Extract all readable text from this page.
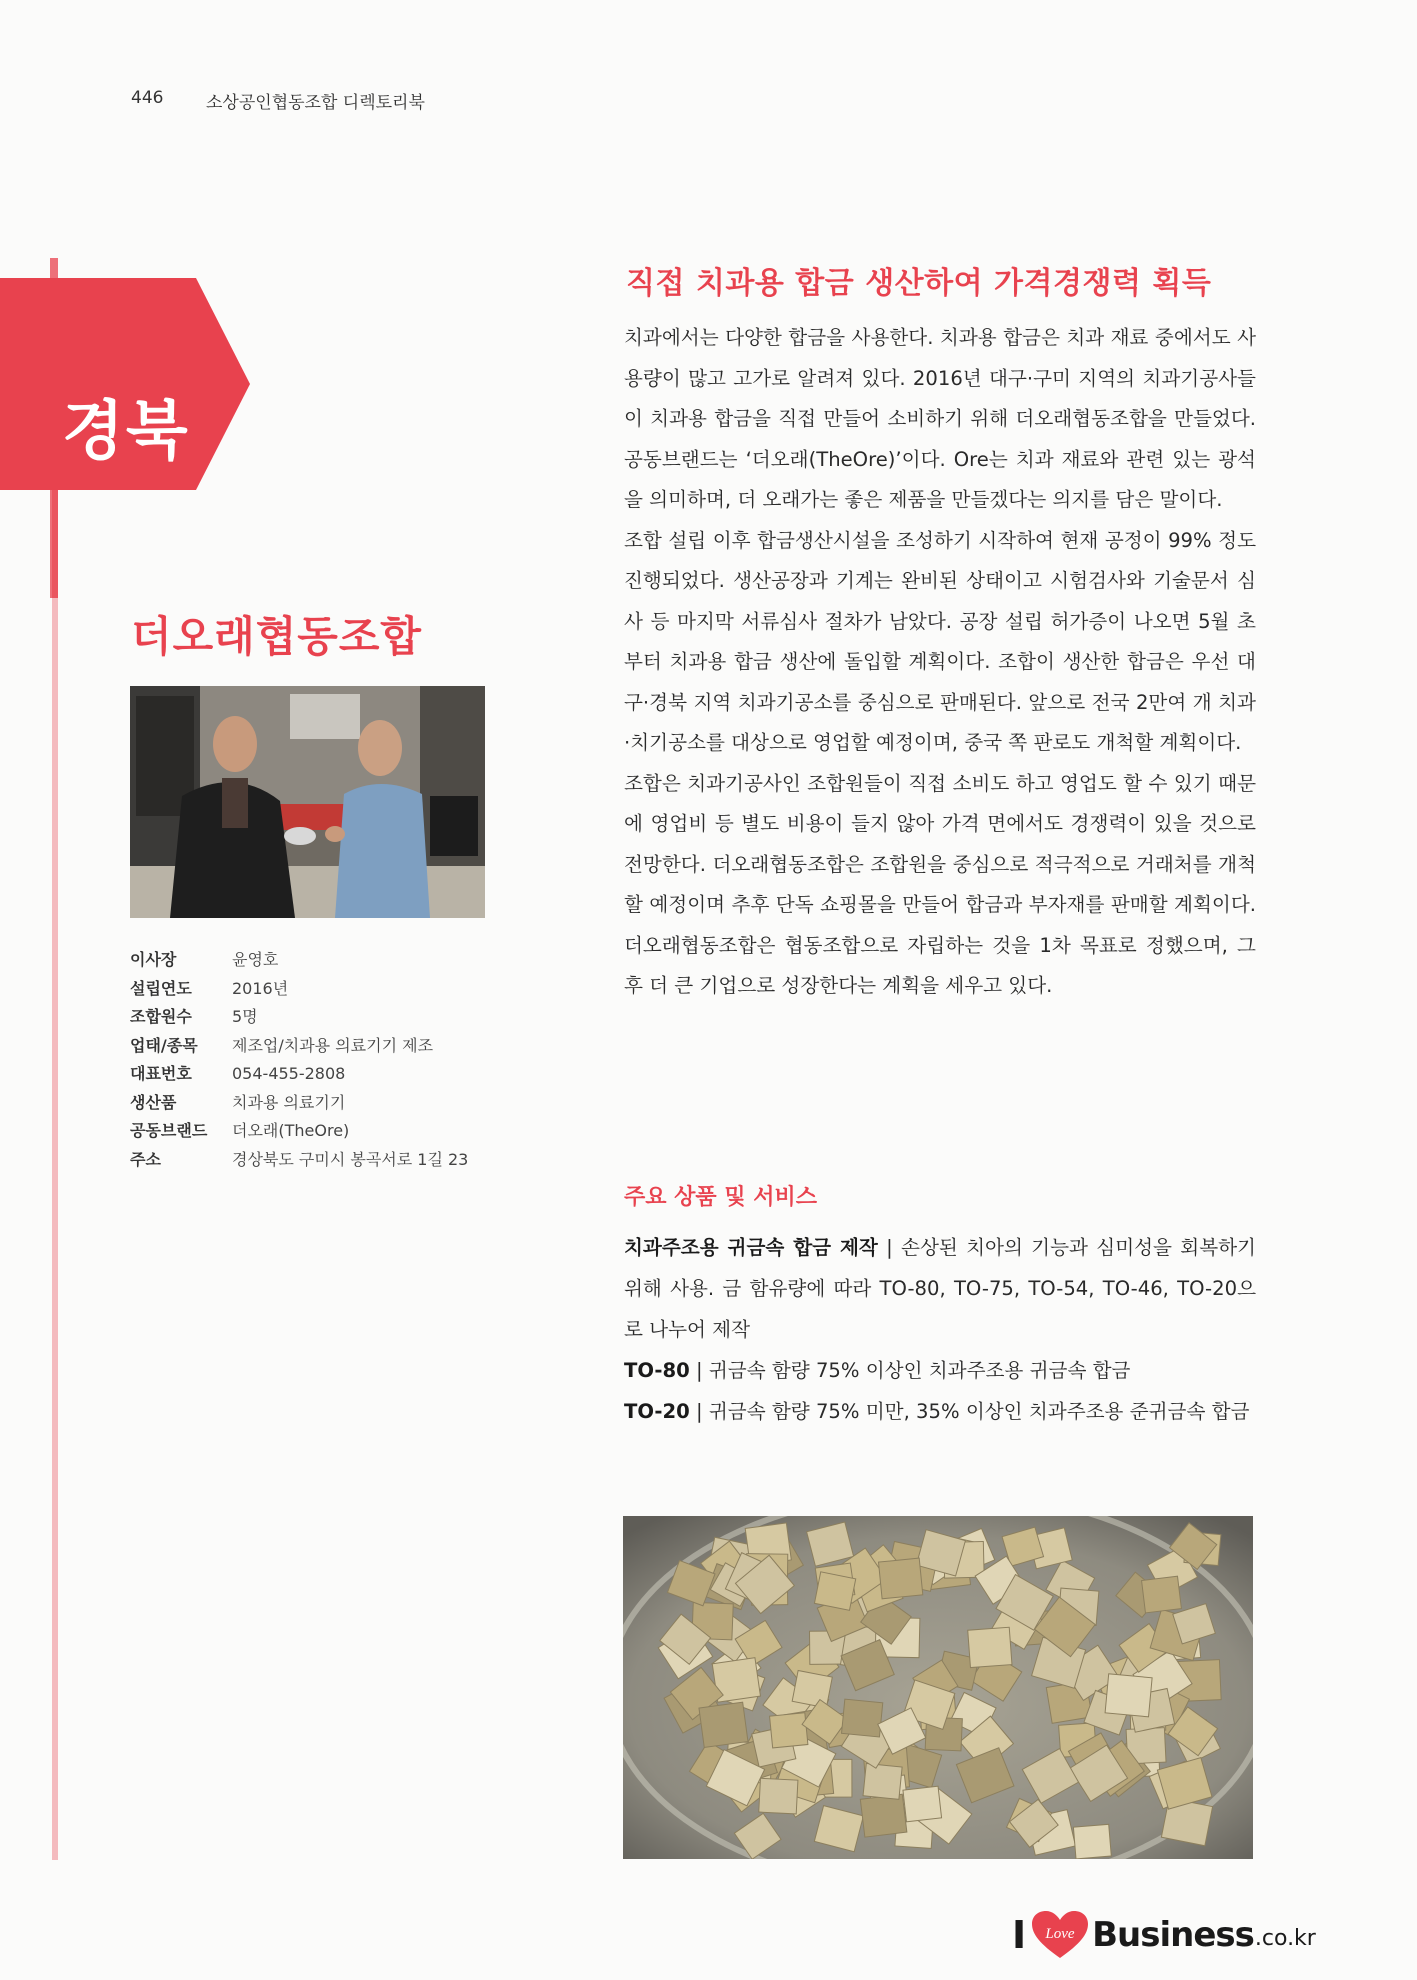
446	소상공인협동조합 디렉토리북
경북
더오래협동조합
이사장	윤영호
설립연도	2016년
조합원수	5명
업태/종목	제조업/치과용 의료기기 제조
대표번호	054-455-2808
생산품	치과용 의료기기
공동브랜드	더오래(TheOre)
주소	경상북도 구미시 봉곡서로 1길 23
직접 치과용 합금 생산하여 가격경쟁력 획득

치과에서는 다양한 합금을 사용한다. 치과용 합금은 치과 재료 중에서도 사용량이 많고 고가로 알려져 있다. 2016년 대구·구미 지역의 치과기공사들이 치과용 합금을 직접 만들어 소비하기 위해 더오래협동조합을 만들었다. 공동브랜드는 ‘더오래(TheOre)’이다. Ore는 치과 재료와 관련 있는 광석을 의미하며, 더 오래가는 좋은 제품을 만들겠다는 의지를 담은 말이다.

조합 설립 이후 합금생산시설을 조성하기 시작하여 현재 공정이 99% 정도 진행되었다. 생산공장과 기계는 완비된 상태이고 시험검사와 기술문서 심사 등 마지막 서류심사 절차가 남았다. 공장 설립 허가증이 나오면 5월 초부터 치과용 합금 생산에 돌입할 계획이다. 조합이 생산한 합금은 우선 대구·경북 지역 치과기공소를 중심으로 판매된다. 앞으로 전국 2만여 개 치과·치기공소를 대상으로 영업할 예정이며, 중국 쪽 판로도 개척할 계획이다.

조합은 치과기공사인 조합원들이 직접 소비도 하고 영업도 할 수 있기 때문에 영업비 등 별도 비용이 들지 않아 가격 면에서도 경쟁력이 있을 것으로 전망한다. 더오래협동조합은 조합원을 중심으로 적극적으로 거래처를 개척할 예정이며 추후 단독 쇼핑몰을 만들어 합금과 부자재를 판매할 계획이다. 더오래협동조합은 협동조합으로 자립하는 것을 1차 목표로 정했으며, 그 후 더 큰 기업으로 성장한다는 계획을 세우고 있다.

주요 상품 및 서비스

치과주조용 귀금속 합금 제작 | 손상된 치아의 기능과 심미성을 회복하기 위해 사용. 금 함유량에 따라 TO-80, TO-75, TO-54, TO-46, TO-20으로 나누어 제작

TO-80 | 귀금속 함량 75% 이상인 치과주조용 귀금속 합금

TO-20 | 귀금속 함량 75% 미만, 35% 이상인 치과주조용 준귀금속 합금

I Love Business .co.kr
